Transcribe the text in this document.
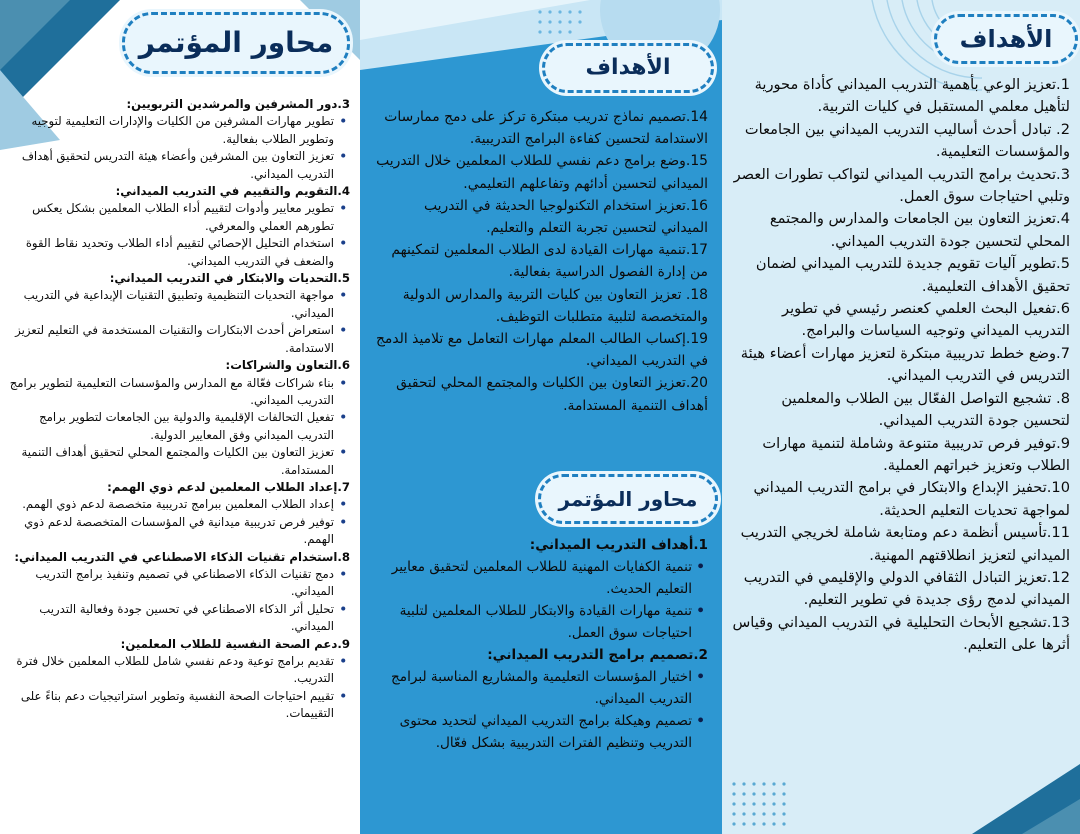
محاور المؤتمر

3.دور المشرفين والمرشدين التربويين:

• تطوير مهارات المشرفين من الكليات والإدارات التعليمية لتوجيه وتطوير الطلاب بفعالية.
• تعزيز التعاون بين المشرفين وأعضاء هيئة التدريس لتحقيق أهداف التدريب الميداني.

4.التقويم والتقييم في التدريب الميداني:

• تطوير معايير وأدوات لتقييم أداء الطلاب المعلمين بشكل يعكس تطورهم العملي والمعرفي.
• استخدام التحليل الإحصائي لتقييم أداء الطلاب وتحديد نقاط القوة والضعف في التدريب الميداني.

5.التحديات والابتكار في التدريب الميداني:

• مواجهة التحديات التنظيمية وتطبيق التقنيات الإبداعية في التدريب الميداني.
• استعراض أحدث الابتكارات والتقنيات المستخدمة في التعليم لتعزيز الاستدامة.

6.التعاون والشراكات:

• بناء شراكات فعّالة مع المدارس والمؤسسات التعليمية لتطوير برامج التدريب الميداني.
• تفعيل التحالفات الإقليمية والدولية بين الجامعات لتطوير برامج التدريب الميداني وفق المعايير الدولية.
• تعزيز التعاون بين الكليات والمجتمع المحلي لتحقيق أهداف التنمية المستدامة.

7.إعداد الطلاب المعلمين لدعم ذوي الهمم:

• إعداد الطلاب المعلمين ببرامج تدريبية متخصصة لدعم ذوي الهمم.
• توفير فرص تدريبية ميدانية في المؤسسات المتخصصة لدعم ذوي الهمم.

8.استخدام تقنيات الذكاء الاصطناعي في التدريب الميداني:

• دمج تقنيات الذكاء الاصطناعي في تصميم وتنفيذ برامج التدريب الميداني.
• تحليل أثر الذكاء الاصطناعي في تحسين جودة وفعالية التدريب الميداني.

9.دعم الصحة النفسية للطلاب المعلمين:

• تقديم برامج توعية ودعم نفسي شامل للطلاب المعلمين خلال فترة التدريب.
• تقييم احتياجات الصحة النفسية وتطوير استراتيجيات دعم بناءً على التقييمات.
الأهداف

14.تصميم نماذج تدريب مبتكرة تركز على دمج ممارسات الاستدامة لتحسين كفاءة البرامج التدريبية.

15.وضع برامج دعم نفسي للطلاب المعلمين خلال التدريب الميداني لتحسين أدائهم وتفاعلهم التعليمي.

16.تعزيز استخدام التكنولوجيا الحديثة في التدريب الميداني لتحسين تجربة التعلم والتعليم.

17.تنمية مهارات القيادة لدى الطلاب المعلمين لتمكينهم من إدارة الفصول الدراسية بفعالية.

18. تعزيز التعاون بين كليات التربية والمدارس الدولية والمتخصصة لتلبية متطلبات التوظيف.

19.إكساب الطالب المعلم مهارات التعامل مع تلاميذ الدمج في التدريب الميداني.

20.تعزيز التعاون بين الكليات والمجتمع المحلي لتحقيق أهداف التنمية المستدامة.

محاور المؤتمر

1.أهداف التدريب الميداني:

• تنمية الكفايات المهنية للطلاب المعلمين لتحقيق معايير التعليم الحديث.
• تنمية مهارات القيادة والابتكار للطلاب المعلمين لتلبية احتياجات سوق العمل.

2.تصميم برامج التدريب الميداني:

• اختيار المؤسسات التعليمية والمشاريع المناسبة لبرامج التدريب الميداني.
• تصميم وهيكلة برامج التدريب الميداني لتحديد محتوى التدريب وتنظيم الفترات التدريبية بشكل فعّال.
الأهداف

1.تعزيز الوعي بأهمية التدريب الميداني كأداة محورية لتأهيل معلمي المستقبل في كليات التربية.

2. تبادل أحدث أساليب التدريب الميداني بين الجامعات والمؤسسات التعليمية.

3.تحديث برامج التدريب الميداني لتواكب تطورات العصر وتلبي احتياجات سوق العمل.

4.تعزيز التعاون بين الجامعات والمدارس والمجتمع المحلي لتحسين جودة التدريب الميداني.

5.تطوير آليات تقويم جديدة للتدريب الميداني لضمان تحقيق الأهداف التعليمية.

6.تفعيل البحث العلمي كعنصر رئيسي في تطوير التدريب الميداني وتوجيه السياسات والبرامج.

7.وضع خطط تدريبية مبتكرة لتعزيز مهارات أعضاء هيئة التدريس في التدريب الميداني.

8. تشجيع التواصل الفعّال بين الطلاب والمعلمين لتحسين جودة التدريب الميداني.

9.توفير فرص تدريبية متنوعة وشاملة لتنمية مهارات الطلاب وتعزيز خبراتهم العملية.

10.تحفيز الإبداع والابتكار في برامج التدريب الميداني لمواجهة تحديات التعليم الحديثة.

11.تأسيس أنظمة دعم ومتابعة شاملة لخريجي التدريب الميداني لتعزيز انطلاقتهم المهنية.

12.تعزيز التبادل الثقافي الدولي والإقليمي في التدريب الميداني لدمج رؤى جديدة في تطوير التعليم.

13.تشجيع الأبحاث التحليلية في التدريب الميداني وقياس أثرها على التعليم.
